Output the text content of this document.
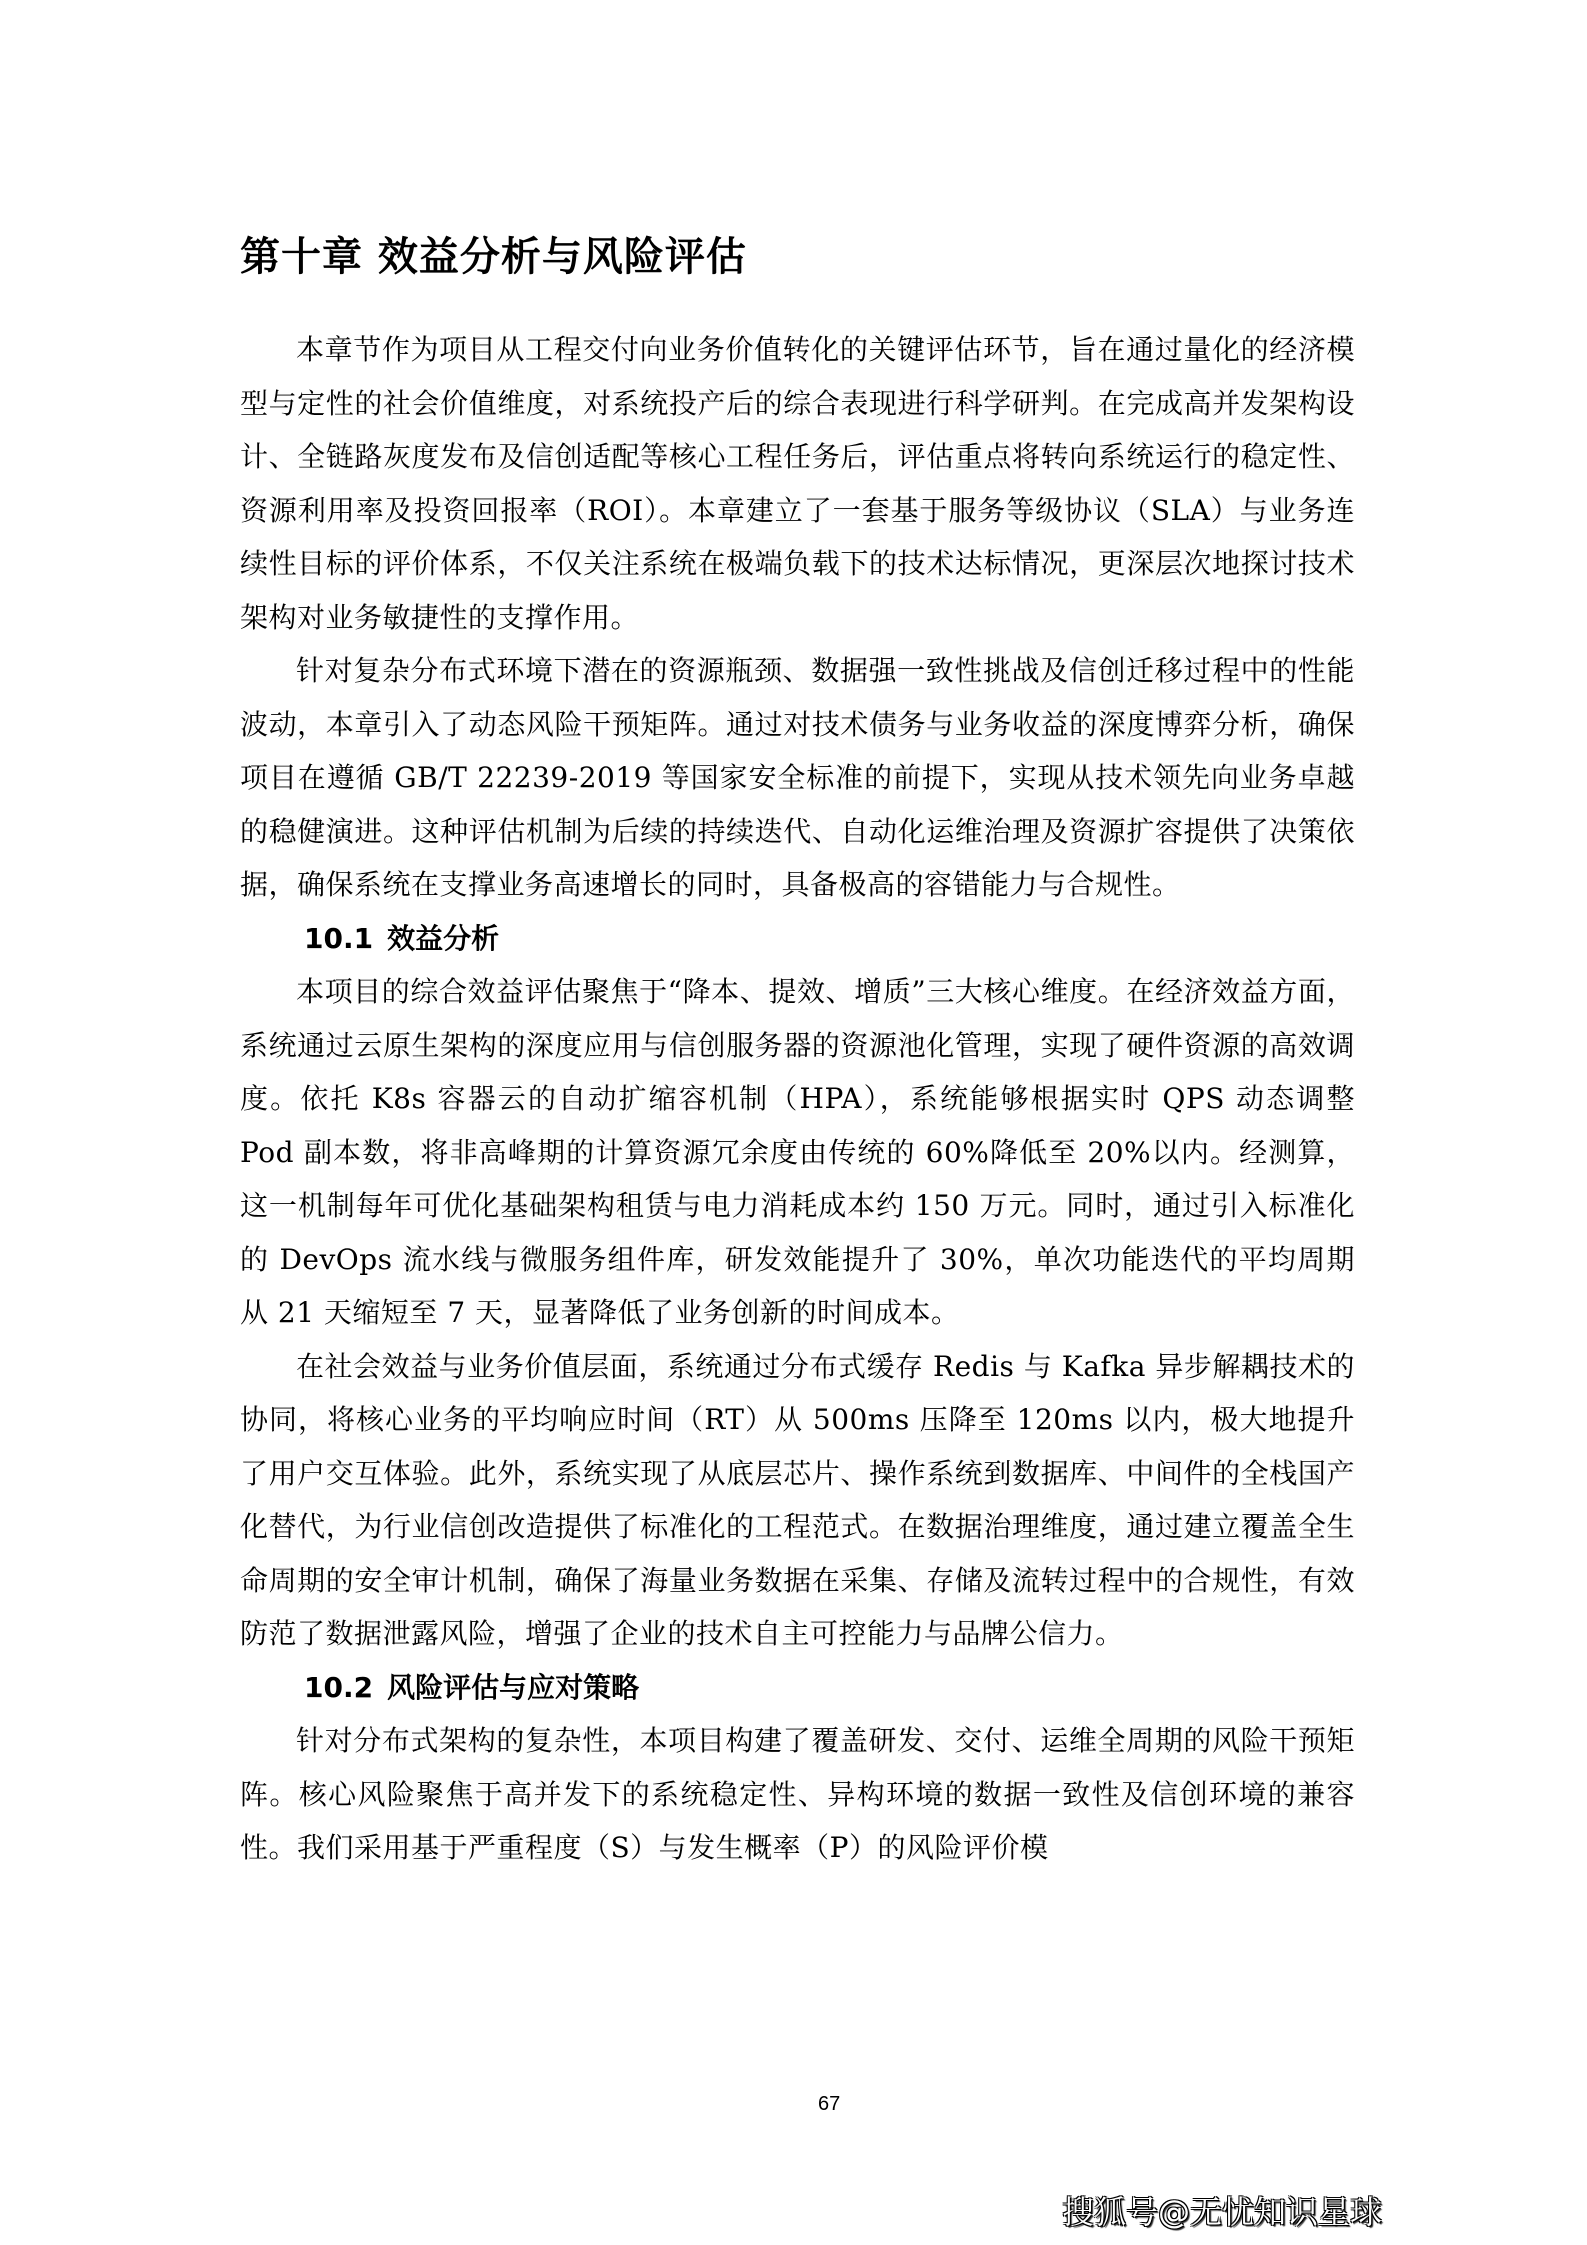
第十章 效益分析与风险评估

本章节作为项目从工程交付向业务价值转化的关键评估环节，旨在通过量化的经济模型与定性的社会价值维度，对系统投产后的综合表现进行科学研判。在完成高并发架构设计、全链路灰度发布及信创适配等核心工程任务后，评估重点将转向系统运行的稳定性、资源利用率及投资回报率（ROI）。本章建立了一套基于服务等级协议（SLA）与业务连续性目标的评价体系，不仅关注系统在极端负载下的技术达标情况，更深层次地探讨技术架构对业务敏捷性的支撑作用。

针对复杂分布式环境下潜在的资源瓶颈、数据强一致性挑战及信创迁移过程中的性能波动，本章引入了动态风险干预矩阵。通过对技术债务与业务收益的深度博弈分析，确保项目在遵循 GB/T 22239-2019 等国家安全标准的前提下，实现从技术领先向业务卓越的稳健演进。这种评估机制为后续的持续迭代、自动化运维治理及资源扩容提供了决策依据，确保系统在支撑业务高速增长的同时，具备极高的容错能力与合规性。

10.1 效益分析

本项目的综合效益评估聚焦于“降本、提效、增质”三大核心维度。在经济效益方面，系统通过云原生架构的深度应用与信创服务器的资源池化管理，实现了硬件资源的高效调度。依托 K8s 容器云的自动扩缩容机制（HPA），系统能够根据实时 QPS 动态调整 Pod 副本数，将非高峰期的计算资源冗余度由传统的 60%降低至 20%以内。经测算，这一机制每年可优化基础架构租赁与电力消耗成本约 150 万元。同时，通过引入标准化的 DevOps 流水线与微服务组件库，研发效能提升了 30%，单次功能迭代的平均周期从 21 天缩短至 7 天，显著降低了业务创新的时间成本。

在社会效益与业务价值层面，系统通过分布式缓存 Redis 与 Kafka 异步解耦技术的协同，将核心业务的平均响应时间（RT）从 500ms 压降至 120ms 以内，极大地提升了用户交互体验。此外，系统实现了从底层芯片、操作系统到数据库、中间件的全栈国产化替代，为行业信创改造提供了标准化的工程范式。在数据治理维度，通过建立覆盖全生命周期的安全审计机制，确保了海量业务数据在采集、存储及流转过程中的合规性，有效防范了数据泄露风险，增强了企业的技术自主可控能力与品牌公信力。

10.2 风险评估与应对策略

针对分布式架构的复杂性，本项目构建了覆盖研发、交付、运维全周期的风险干预矩阵。核心风险聚焦于高并发下的系统稳定性、异构环境的数据一致性及信创环境的兼容性。我们采用基于严重程度（S）与发生概率（P）的风险评价模

67
搜狐号@无忧知识星球
